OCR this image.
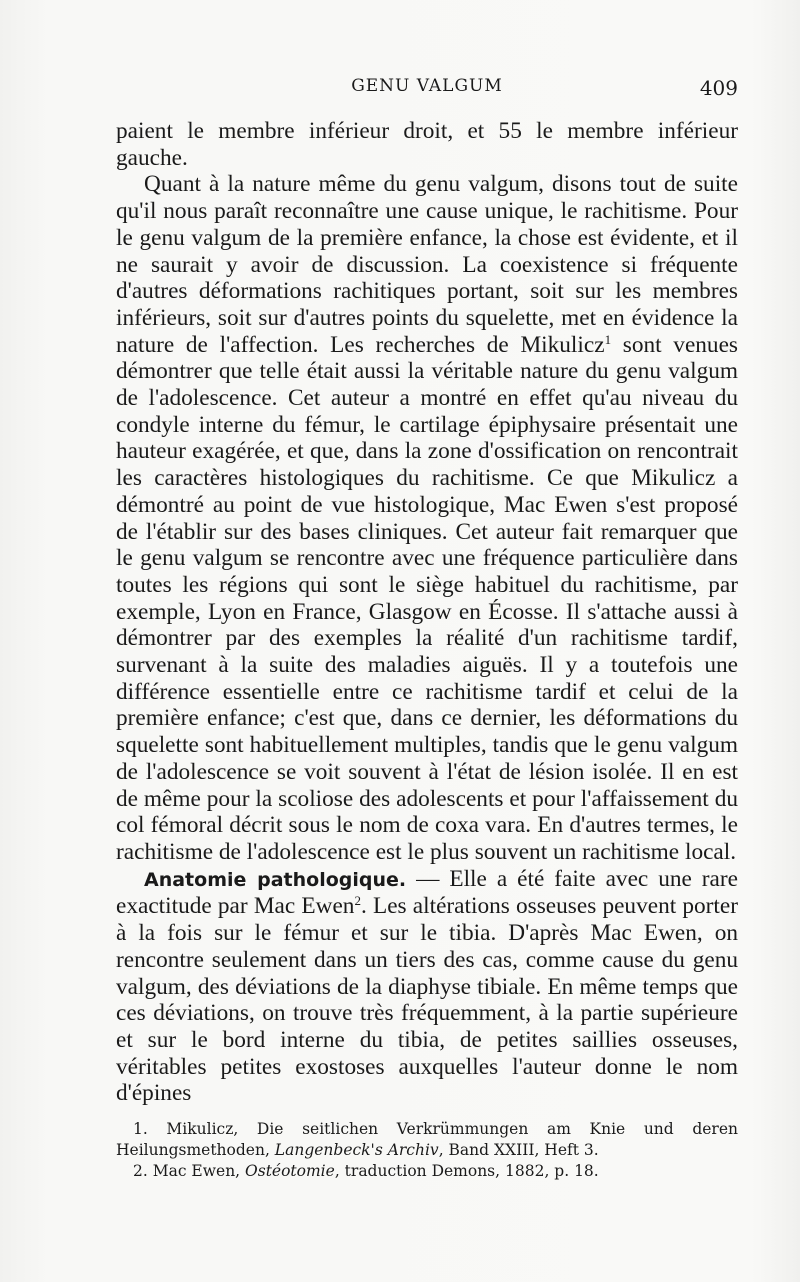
GENU VALGUM	409

paient le membre inférieur droit, et 55 le membre inférieur gauche.

Quant à la nature même du genu valgum, disons tout de suite qu'il nous paraît reconnaître une cause unique, le rachitisme. Pour le genu valgum de la première enfance, la chose est évidente, et il ne saurait y avoir de discussion. La coexistence si fréquente d'autres déformations rachitiques portant, soit sur les membres inférieurs, soit sur d'autres points du squelette, met en évidence la nature de l'affection. Les recherches de Mikulicz$^1$ sont venues démontrer que telle était aussi la véritable nature du genu valgum de l'adolescence. Cet auteur a montré en effet qu'au niveau du condyle interne du fémur, le cartilage épiphysaire présentait une hauteur exagérée, et que, dans la zone d'ossification on rencontrait les caractères histologiques du rachitisme. Ce que Mikulicz a démontré au point de vue histologique, Mac Ewen s'est proposé de l'établir sur des bases cliniques. Cet auteur fait remarquer que le genu valgum se rencontre avec une fréquence particulière dans toutes les régions qui sont le siège habituel du rachitisme, par exemple, Lyon en France, Glasgow en Écosse. Il s'attache aussi à démontrer par des exemples la réalité d'un rachitisme tardif, survenant à la suite des maladies aiguës. Il y a toutefois une différence essentielle entre ce rachitisme tardif et celui de la première enfance; c'est que, dans ce dernier, les déformations du squelette sont habituellement multiples, tandis que le genu valgum de l'adolescence se voit souvent à l'état de lésion isolée. Il en est de même pour la scoliose des adolescents et pour l'affaissement du col fémoral décrit sous le nom de coxa vara. En d'autres termes, le rachitisme de l'adolescence est le plus souvent un rachitisme local.

Anatomie pathologique. — Elle a été faite avec une rare exactitude par Mac Ewen$^2$. Les altérations osseuses peuvent porter à la fois sur le fémur et sur le tibia. D'après Mac Ewen, on rencontre seulement dans un tiers des cas, comme cause du genu valgum, des déviations de la diaphyse tibiale. En même temps que ces déviations, on trouve très fréquemment, à la partie supérieure et sur le bord interne du tibia, de petites saillies osseuses, véritables petites exostoses auxquelles l'auteur donne le nom d'épines

1. Mikulicz, Die seitlichen Verkrümmungen am Knie und deren Heilungsmethoden, Langenbeck's Archiv, Band XXIII, Heft 3.

2. Mac Ewen, Ostéotomie, traduction Demons, 1882, p. 18.
